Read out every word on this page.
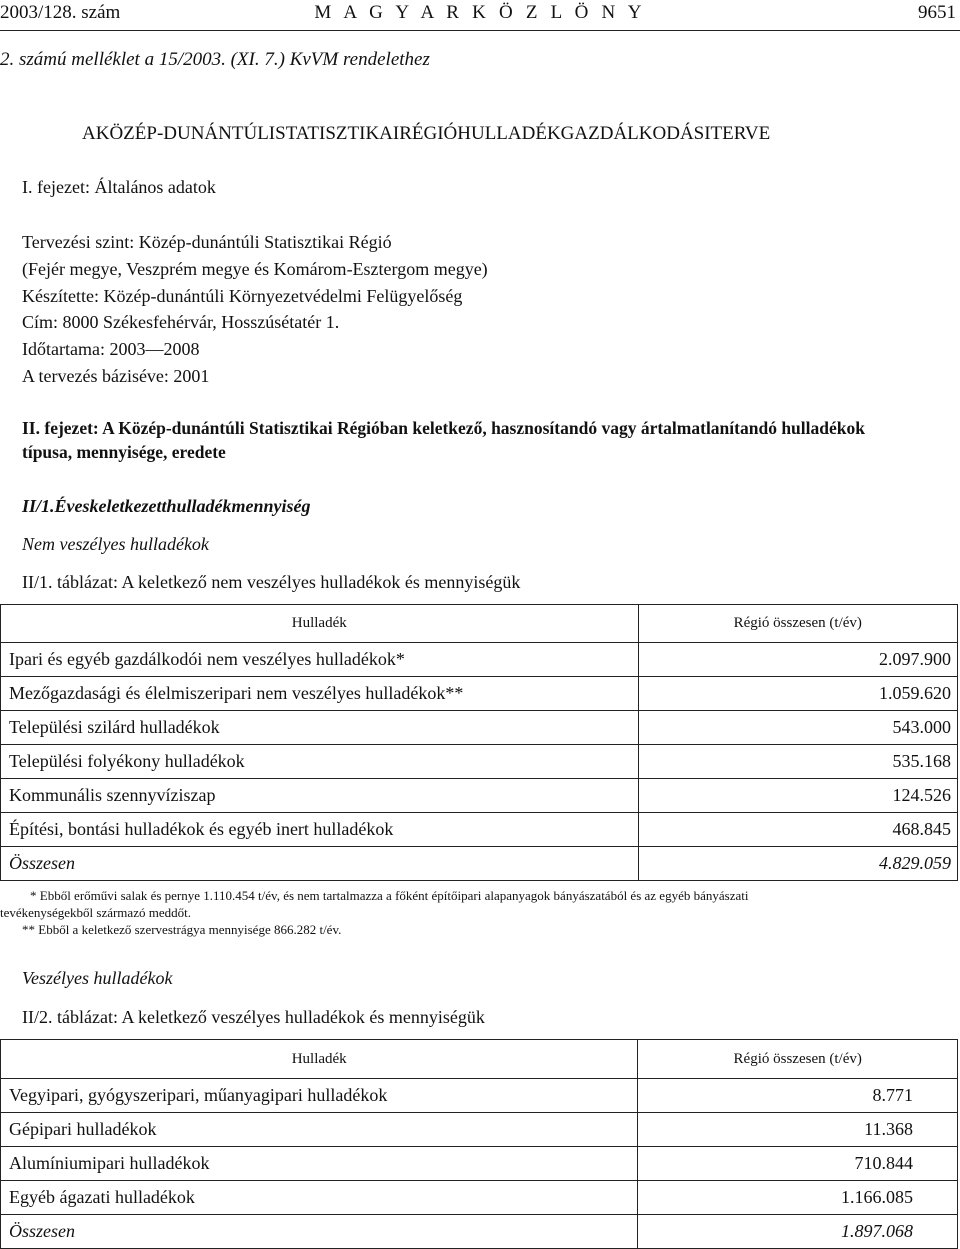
2003/128. szám	M A G Y A R K Ö Z L Ö N Y	9651
2. számú melléklet a 15/2003. (XI. 7.) KvVM rendelethez
AKÖZÉP-DUNÁNTÚLISTATISZTIKAIRÉGIÓHULLADÉKGAZDÁLKODÁSITERVE
I. fejezet: Általános adatok
Tervezési szint: Közép-dunántúli Statisztikai Régió
(Fejér megye, Veszprém megye és Komárom-Esztergom megye)
Készítette: Közép-dunántúli Környezetvédelmi Felügyelőség
Cím: 8000 Székesfehérvár, Hosszúsétatér 1.
Időtartama: 2003—2008
A tervezés báziséve: 2001
II. fejezet: A Közép-dunántúli Statisztikai Régióban keletkező, hasznosítandó vagy ártalmatlanítandó hulladékok
típusa, mennyisége, eredete
II/1.Éveskeletkezetthulladékmennyiség
Nem veszélyes hulladékok
II/1. táblázat: A keletkező nem veszélyes hulladékok és mennyiségük
Hulladék	Régió összesen (t/év)
Ipari és egyéb gazdálkodói nem veszélyes hulladékok*	2.097.900
Mezőgazdasági és élelmiszeripari nem veszélyes hulladékok**	1.059.620
Települési szilárd hulladékok	543.000
Települési folyékony hulladékok	535.168
Kommunális szennyvíziszap	124.526
Építési, bontási hulladékok és egyéb inert hulladékok	468.845
Összesen	4.829.059
* Ebből erőművi salak és pernye 1.110.454 t/év, és nem tartalmazza a főként építőipari alapanyagok bányászatából és az egyéb bányászati
tevékenységekből származó meddőt.
** Ebből a keletkező szervestrágya mennyisége 866.282 t/év.
Veszélyes hulladékok
II/2. táblázat: A keletkező veszélyes hulladékok és mennyiségük
Hulladék	Régió összesen (t/év)
Vegyipari, gyógyszeripari, műanyagipari hulladékok	8.771
Gépipari hulladékok	11.368
Alumíniumipari hulladékok	710.844
Egyéb ágazati hulladékok	1.166.085
Összesen	1.897.068
